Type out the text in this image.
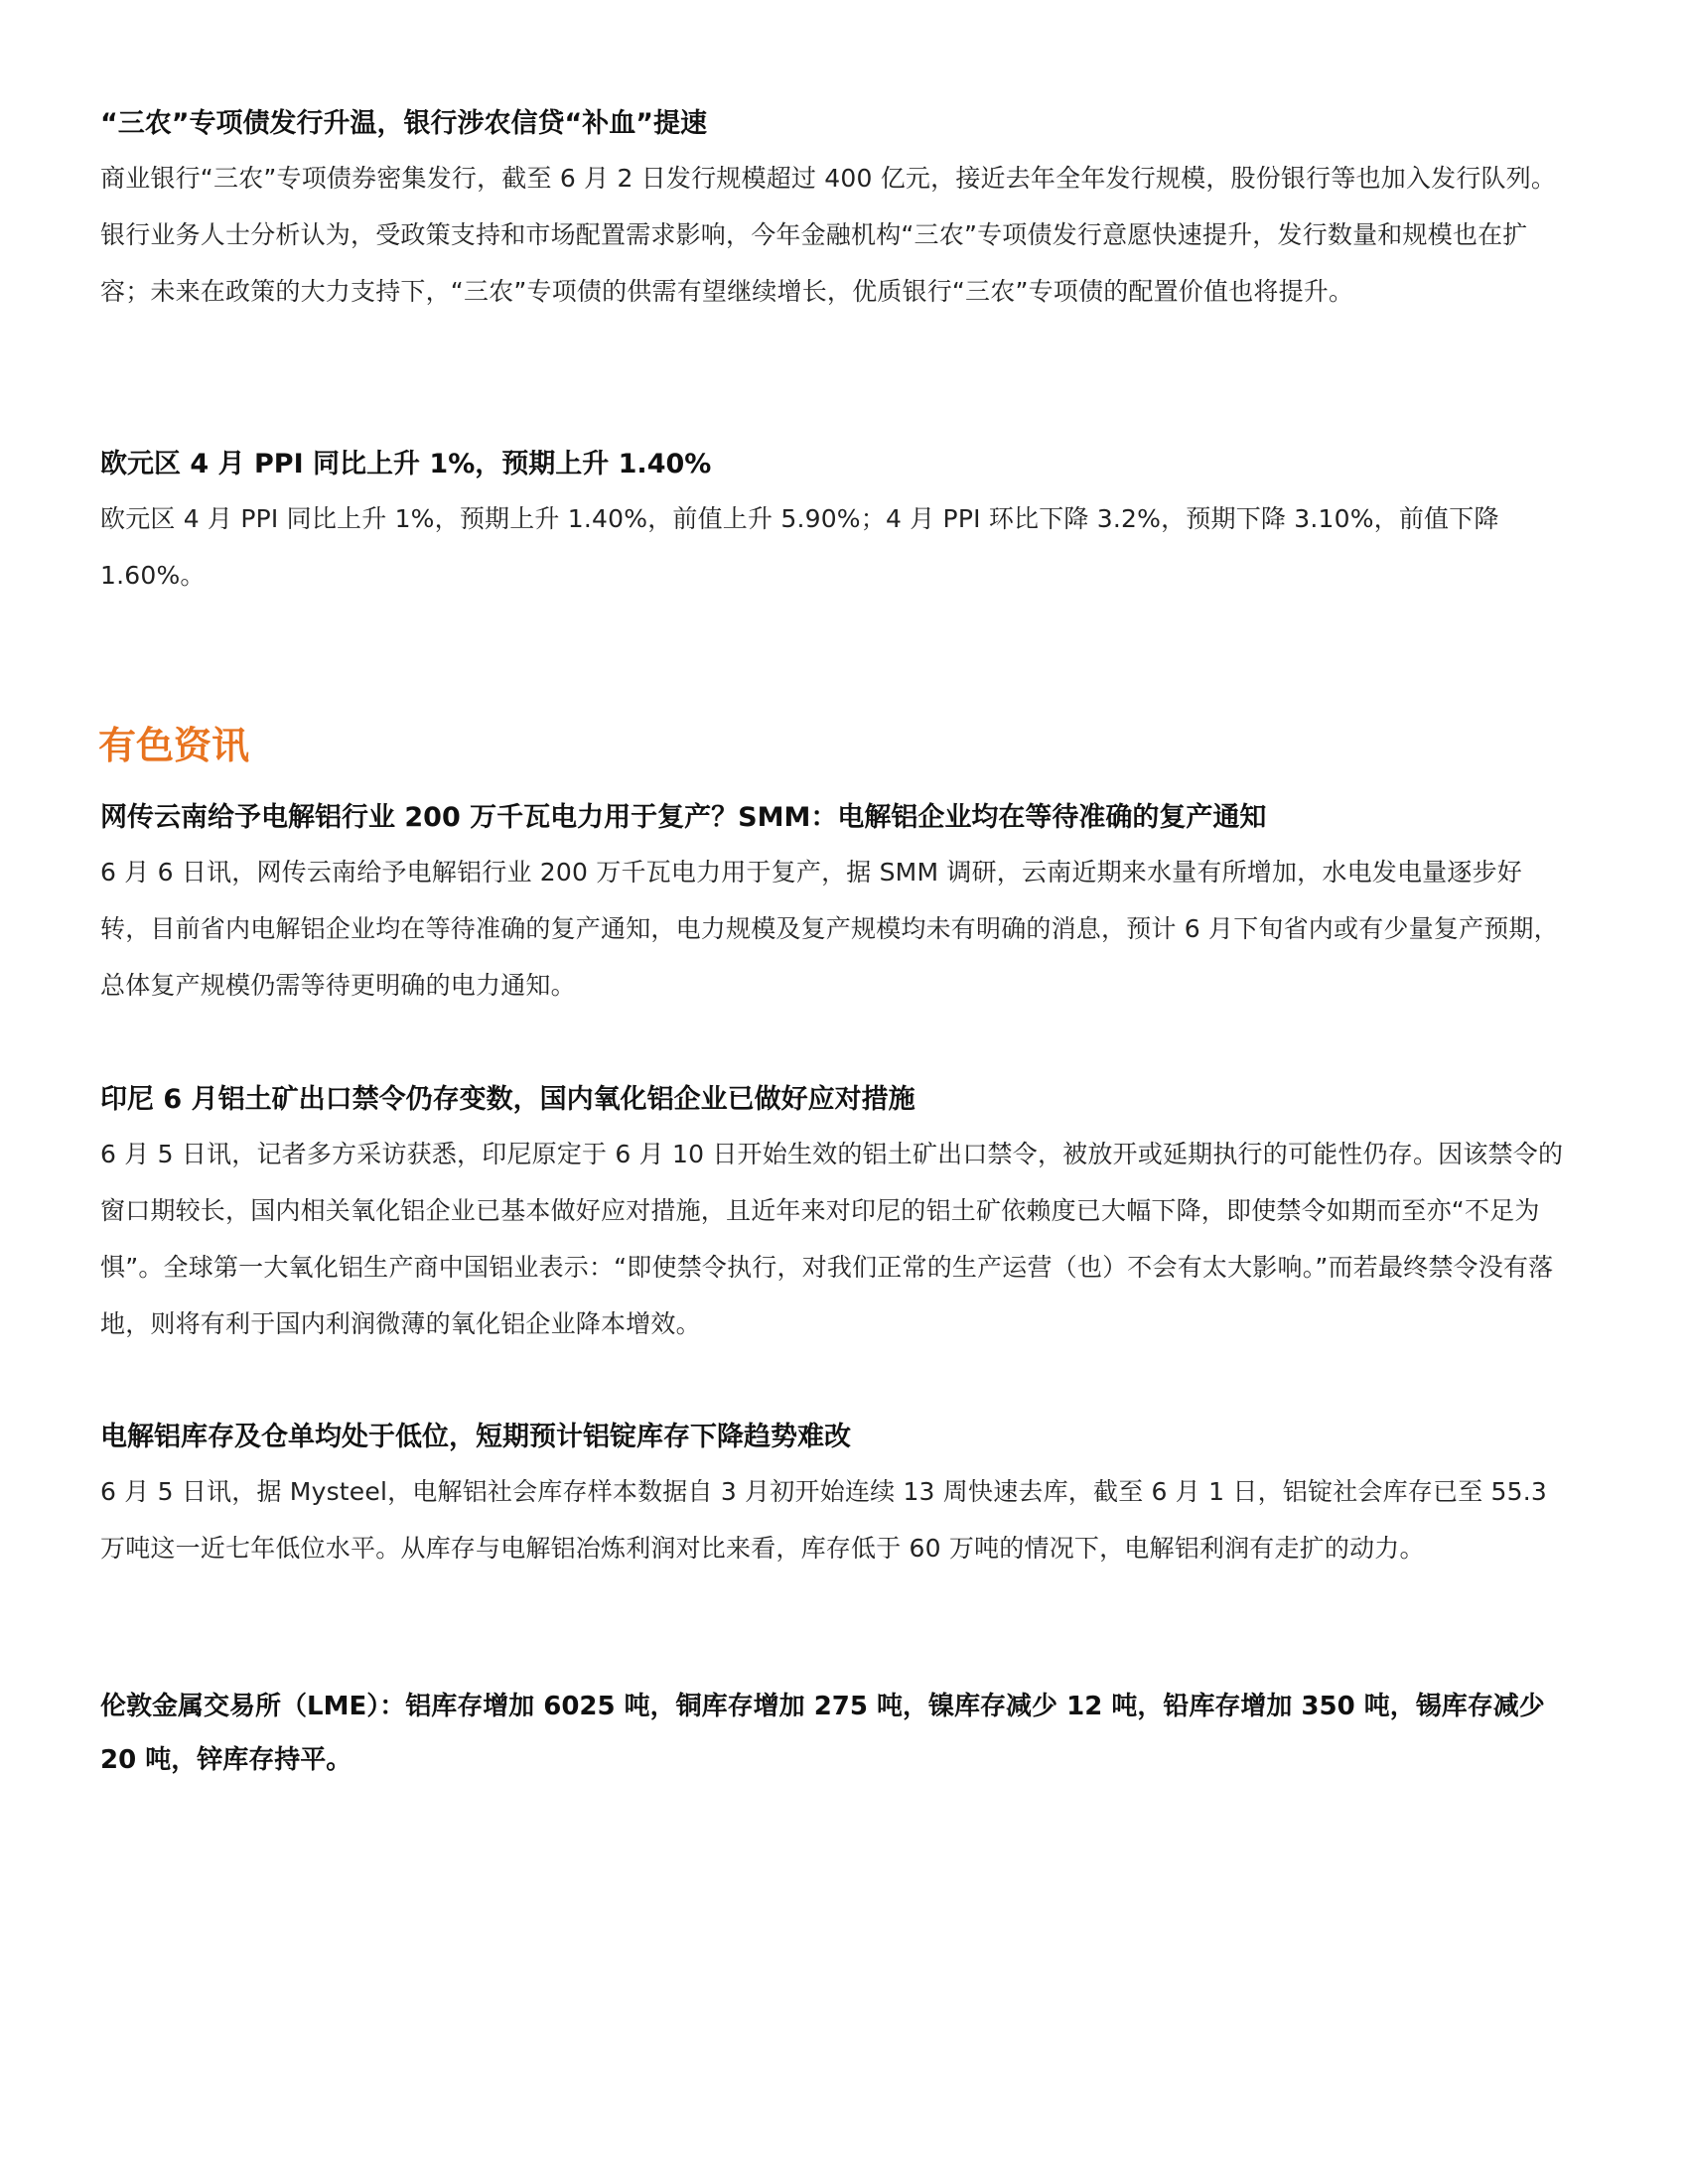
“三农”专项债发行升温，银行涉农信贷“补血”提速

商业银行“三农”专项债券密集发行，截至 6 月 2 日发行规模超过 400 亿元，接近去年全年发行规模，股份银行等也加入发行队列。银行业务人士分析认为，受政策支持和市场配置需求影响，今年金融机构“三农”专项债发行意愿快速提升，发行数量和规模也在扩容；未来在政策的大力支持下，“三农”专项债的供需有望继续增长，优质银行“三农”专项债的配置价值也将提升。

欧元区 4 月 PPI 同比上升 1%，预期上升 1.40%

欧元区 4 月 PPI 同比上升 1%，预期上升 1.40%，前值上升 5.90%；4 月 PPI 环比下降 3.2%，预期下降 3.10%，前值下降 1.60%。

有色资讯

网传云南给予电解铝行业 200 万千瓦电力用于复产？SMM：电解铝企业均在等待准确的复产通知

6 月 6 日讯，网传云南给予电解铝行业 200 万千瓦电力用于复产，据 SMM 调研，云南近期来水量有所增加，水电发电量逐步好转，目前省内电解铝企业均在等待准确的复产通知，电力规模及复产规模均未有明确的消息，预计 6 月下旬省内或有少量复产预期，总体复产规模仍需等待更明确的电力通知。

印尼 6 月铝土矿出口禁令仍存变数，国内氧化铝企业已做好应对措施

6 月 5 日讯，记者多方采访获悉，印尼原定于 6 月 10 日开始生效的铝土矿出口禁令，被放开或延期执行的可能性仍存。因该禁令的窗口期较长，国内相关氧化铝企业已基本做好应对措施，且近年来对印尼的铝土矿依赖度已大幅下降，即使禁令如期而至亦“不足为惧”。全球第一大氧化铝生产商中国铝业表示：“即使禁令执行，对我们正常的生产运营（也）不会有太大影响。”而若最终禁令没有落地，则将有利于国内利润微薄的氧化铝企业降本增效。

电解铝库存及仓单均处于低位，短期预计铝锭库存下降趋势难改

6 月 5 日讯，据 Mysteel，电解铝社会库存样本数据自 3 月初开始连续 13 周快速去库，截至 6 月 1 日，铝锭社会库存已至 55.3 万吨这一近七年低位水平。从库存与电解铝冶炼利润对比来看，库存低于 60 万吨的情况下，电解铝利润有走扩的动力。

伦敦金属交易所（LME）：铝库存增加 6025 吨，铜库存增加 275 吨，镍库存减少 12 吨，铅库存增加 350 吨，锡库存减少 20 吨，锌库存持平。
